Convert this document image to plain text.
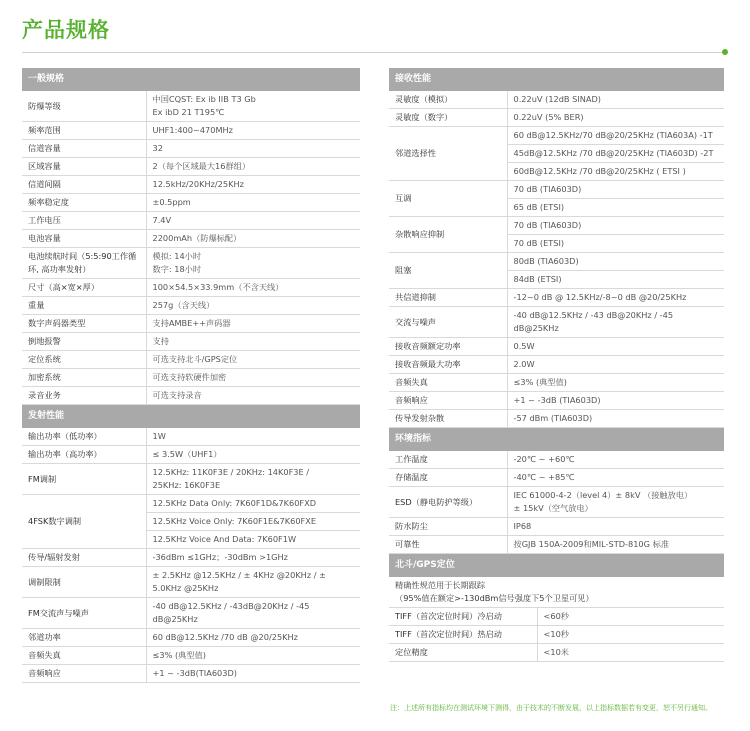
产品规格
一般规格	
防爆等级	中国CQST: Ex ib IIB T3 Gb
Ex ibD 21 T195℃
频率范围	UHF1:400~470MHz
信道容量	32
区域容量	2（每个区域最大16群组）
信道间隔	12.5kHz/20KHz/25KHz
频率稳定度	±0.5ppm
工作电压	7.4V
电池容量	2200mAh（防爆标配）
电池续航时间（5:5:90工作循环, 高功率发射）	模拟: 14小时
数字: 18小时
尺寸（高×宽×厚）	100×54.5×33.9mm（不含天线）
重量	257g（含天线）
数字声码器类型	支持AMBE++声码器
倒地报警	支持
定位系统	可选支持北斗/GPS定位
加密系统	可选支持软硬件加密
录音业务	可选支持录音
发射性能	
输出功率（低功率）	1W
输出功率（高功率）	≤ 3.5W（UHF1）
FM调制	12.5KHz: 11K0F3E / 20KHz: 14K0F3E /
25KHz: 16K0F3E
4FSK数字调制	12.5KHz Data Only: 7K60F1D&7K60FXD
	12.5KHz Voice Only: 7K60F1E&7K60FXE
	12.5KHz Voice And Data: 7K60F1W
传导/辐射发射	-36dBm ≤1GHz；-30dBm >1GHz
调制限制	± 2.5KHz @12.5KHz / ± 4KHz @20KHz / ± 5.0KHz @25KHz
FM交流声与噪声	-40 dB@12.5KHz / -43dB@20KHz / -45 dB@25KHz
邻道功率	60 dB@12.5KHz /70 dB @20/25KHz
音频失真	≤3% (典型值)
音频响应	+1 ~ -3dB(TIA603D)
接收性能	
灵敏度（模拟）	0.22uV (12dB SINAD)
灵敏度（数字）	0.22uV (5% BER)
邻道选择性	60 dB@12.5KHz/70 dB@20/25KHz (TIA603A) -1T
	45dB@12.5KHz /70 dB@20/25KHz (TIA603D) -2T
	60dB@12.5KHz /70 dB@20/25KHz ( ETSI )
互调	70 dB (TIA603D)
	65 dB (ETSI)
杂散响应抑制	70 dB (TIA603D)
	70 dB (ETSI)
阻塞	80dB (TIA603D)
	84dB (ETSI)
共信道抑制	-12~0 dB @ 12.5KHz/-8~0 dB @20/25KHz
交流与噪声	-40 dB@12.5KHz / -43 dB@20KHz / -45 dB@25KHz
接收音频额定功率	0.5W
接收音频最大功率	2.0W
音频失真	≤3% (典型值)
音频响应	+1 ~ -3dB (TIA603D)
传导发射杂散	-57 dBm (TIA603D)
环境指标	
工作温度	-20℃ ~ +60℃
存储温度	-40℃ ~ +85℃
ESD（静电防护等级）	IEC 61000-4-2（level 4）± 8kV （接触放电）
± 15kV（空气放电）
防水防尘	IP68
可靠性	按GJB 150A-2009和MIL-STD-810G 标准
北斗/GPS定位	
精确性规范用于长期跟踪
（95%值在额定>-130dBm信号强度下5个卫星可见）	
TIFF（首次定位时间）冷启动	<60秒
TIFF（首次定位时间）热启动	<10秒
定位精度	<10米
注：上述所有指标均在测试环境下测得，由于技术的不断发展，以上指标数据若有变更，恕不另行通知。
